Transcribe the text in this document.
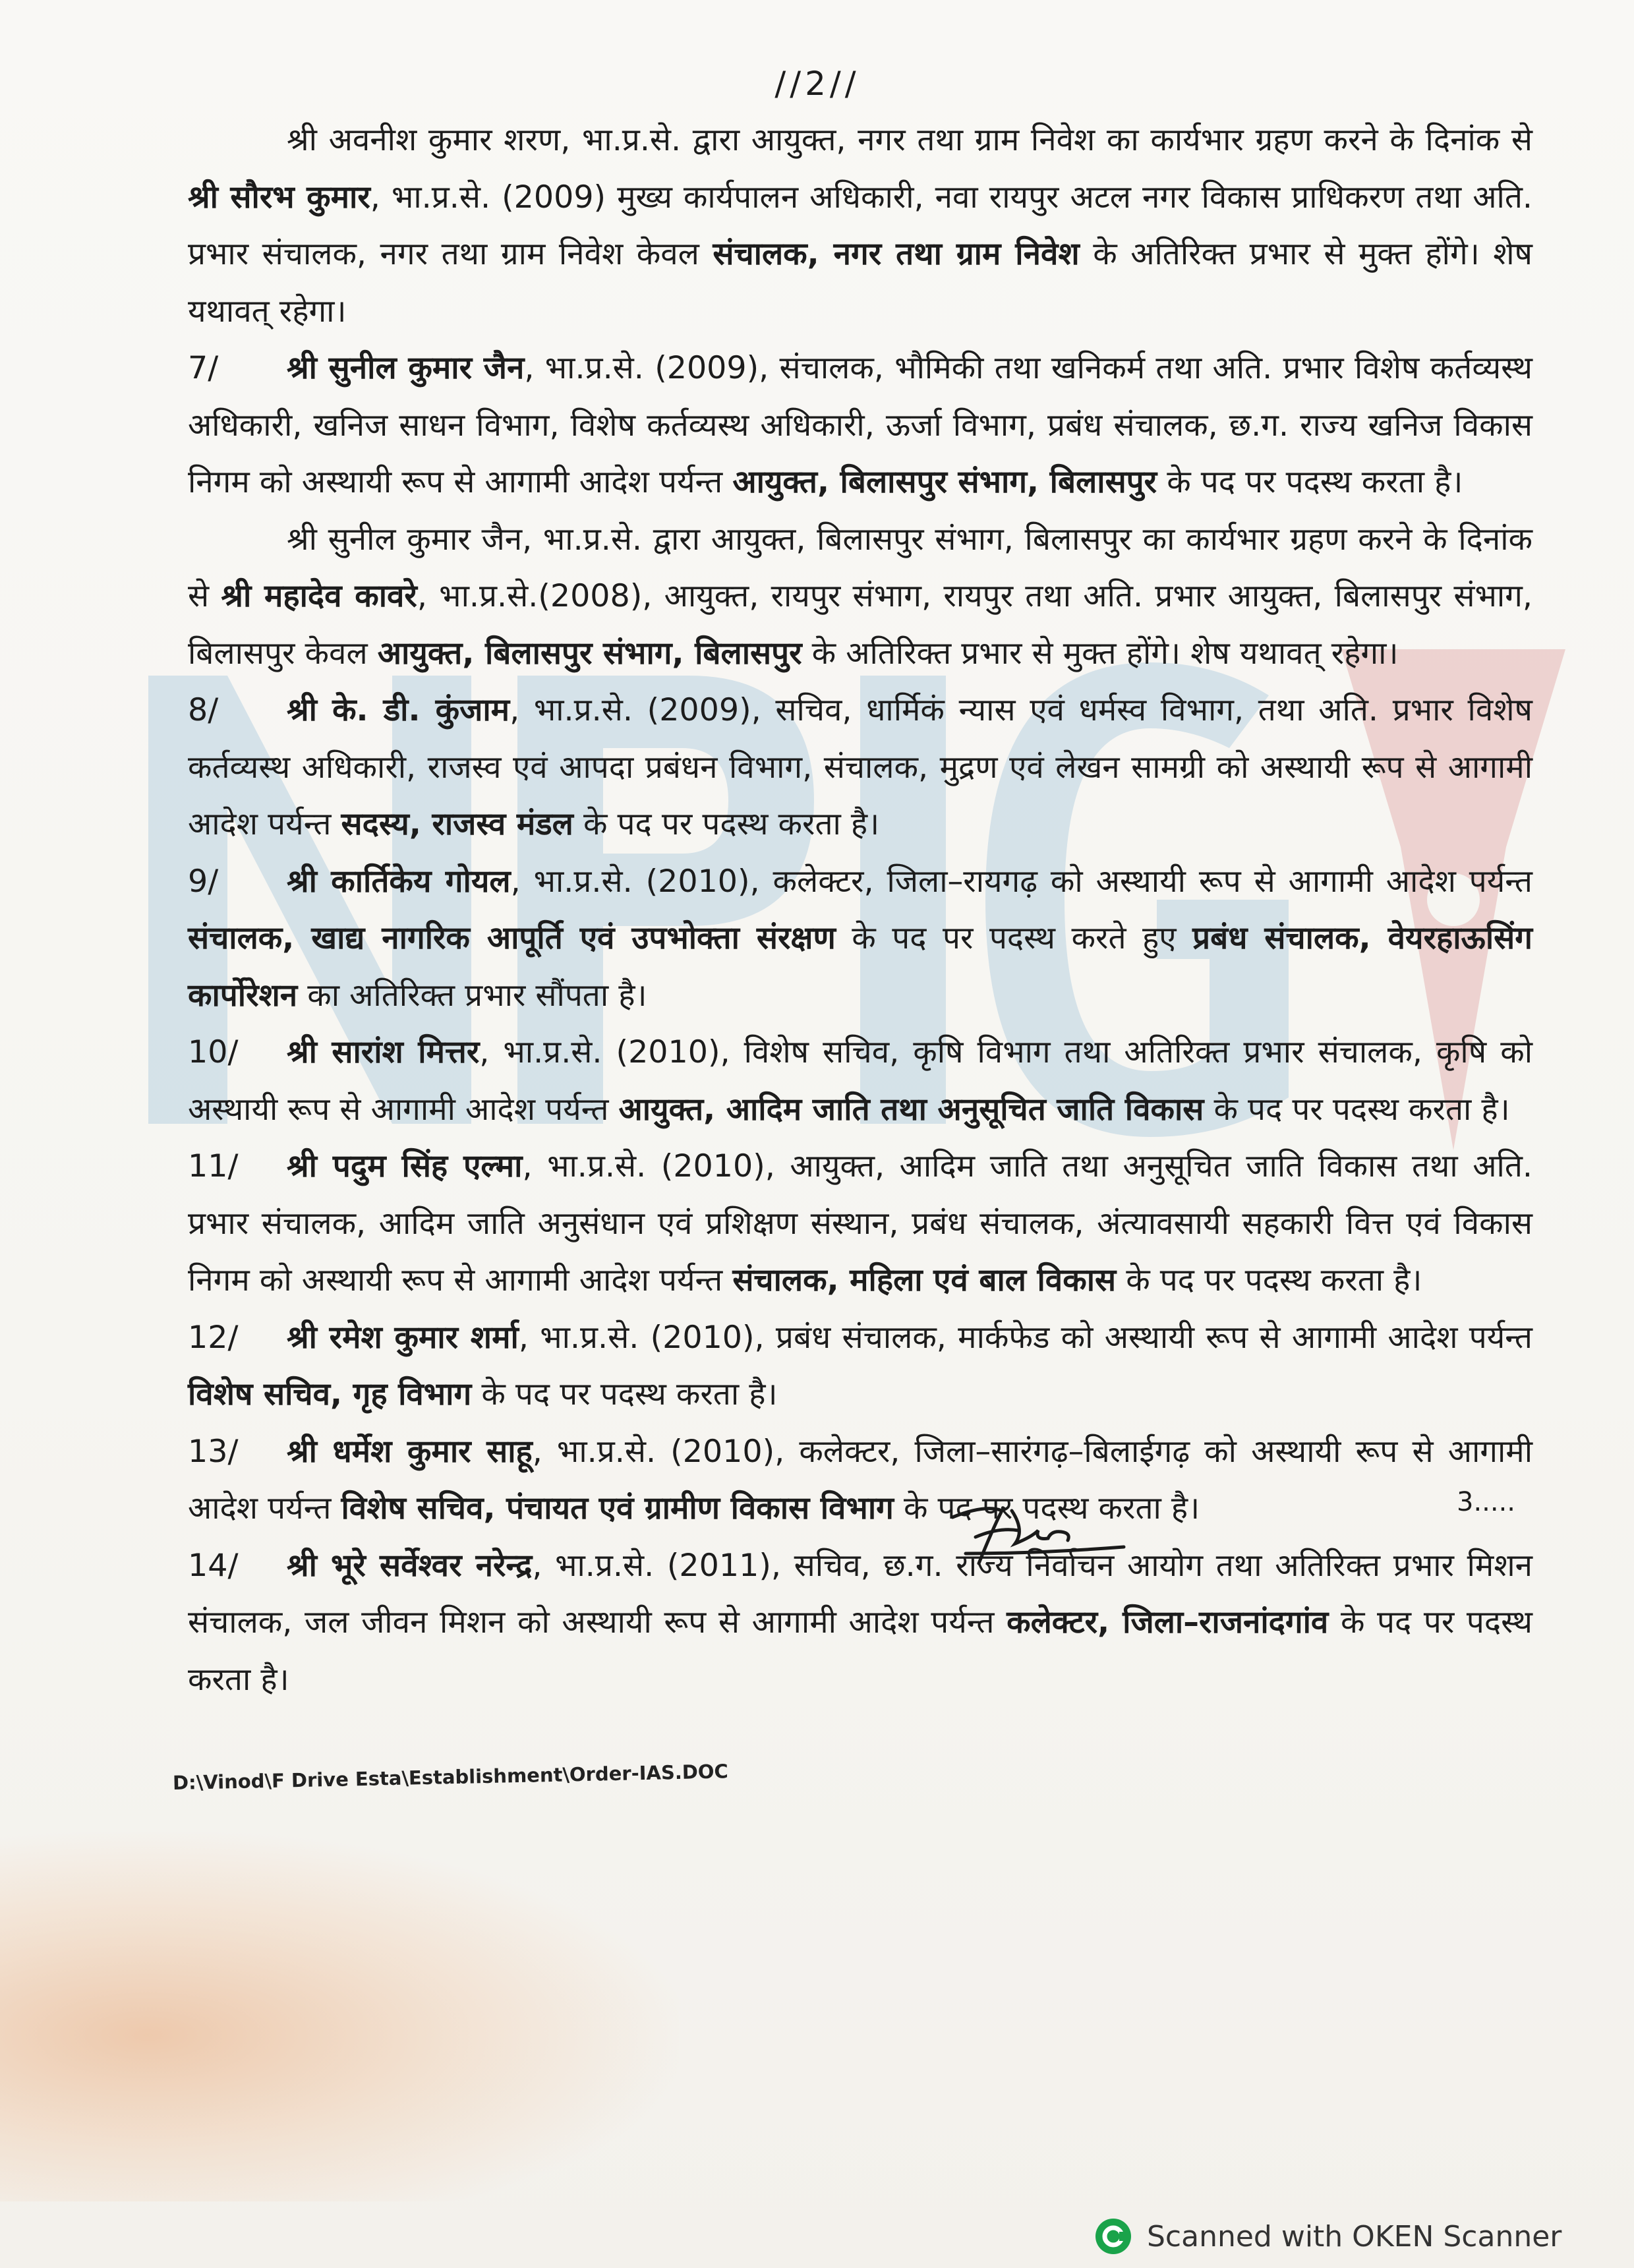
//2//

श्री अवनीश कुमार शरण, भा.प्र.से. द्वारा आयुक्त, नगर तथा ग्राम निवेश का कार्यभार ग्रहण करने के दिनांक से श्री सौरभ कुमार, भा.प्र.से. (2009) मुख्य कार्यपालन अधिकारी, नवा रायपुर अटल नगर विकास प्राधिकरण तथा अति. प्रभार संचालक, नगर तथा ग्राम निवेश केवल संचालक, नगर तथा ग्राम निवेश के अतिरिक्त प्रभार से मुक्त होंगे। शेष यथावत् रहेगा।

7/ श्री सुनील कुमार जैन, भा.प्र.से. (2009), संचालक, भौमिकी तथा खनिकर्म तथा अति. प्रभार विशेष कर्तव्यस्थ अधिकारी, खनिज साधन विभाग, विशेष कर्तव्यस्थ अधिकारी, ऊर्जा विभाग, प्रबंध संचालक, छ.ग. राज्य खनिज विकास निगम को अस्थायी रूप से आगामी आदेश पर्यन्त आयुक्त, बिलासपुर संभाग, बिलासपुर के पद पर पदस्थ करता है।

श्री सुनील कुमार जैन, भा.प्र.से. द्वारा आयुक्त, बिलासपुर संभाग, बिलासपुर का कार्यभार ग्रहण करने के दिनांक से श्री महादेव कावरे, भा.प्र.से.(2008), आयुक्त, रायपुर संभाग, रायपुर तथा अति. प्रभार आयुक्त, बिलासपुर संभाग, बिलासपुर केवल आयुक्त, बिलासपुर संभाग, बिलासपुर के अतिरिक्त प्रभार से मुक्त होंगे। शेष यथावत् रहेगा।

8/ श्री के. डी. कुंजाम, भा.प्र.से. (2009), सचिव, धार्मिकं न्यास एवं धर्मस्व विभाग, तथा अति. प्रभार विशेष कर्तव्यस्थ अधिकारी, राजस्व एवं आपदा प्रबंधन विभाग, संचालक, मुद्रण एवं लेखन सामग्री को अस्थायी रूप से आगामी आदेश पर्यन्त सदस्य, राजस्व मंडल के पद पर पदस्थ करता है।

9/ श्री कार्तिकेय गोयल, भा.प्र.से. (2010), कलेक्टर, जिला–रायगढ़ को अस्थायी रूप से आगामी आदेश पर्यन्त संचालक, खाद्य नागरिक आपूर्ति एवं उपभोक्ता संरक्षण के पद पर पदस्थ करते हुए प्रबंध संचालक, वेयरहाऊसिंग कार्पोरेशन का अतिरिक्त प्रभार सौंपता है।

10/ श्री सारांश मित्तर, भा.प्र.से. (2010), विशेष सचिव, कृषि विभाग तथा अतिरिक्त प्रभार संचालक, कृषि को अस्थायी रूप से आगामी आदेश पर्यन्त आयुक्त, आदिम जाति तथा अनुसूचित जाति विकास के पद पर पदस्थ करता है।

11/ श्री पदुम सिंह एल्मा, भा.प्र.से. (2010), आयुक्त, आदिम जाति तथा अनुसूचित जाति विकास तथा अति. प्रभार संचालक, आदिम जाति अनुसंधान एवं प्रशिक्षण संस्थान, प्रबंध संचालक, अंत्यावसायी सहकारी वित्त एवं विकास निगम को अस्थायी रूप से आगामी आदेश पर्यन्त संचालक, महिला एवं बाल विकास के पद पर पदस्थ करता है।

12/ श्री रमेश कुमार शर्मा, भा.प्र.से. (2010), प्रबंध संचालक, मार्कफेड को अस्थायी रूप से आगामी आदेश पर्यन्त विशेष सचिव, गृह विभाग के पद पर पदस्थ करता है।

13/ श्री धर्मेश कुमार साहू, भा.प्र.से. (2010), कलेक्टर, जिला–सारंगढ़–बिलाईगढ़ को अस्थायी रूप से आगामी आदेश पर्यन्त विशेष सचिव, पंचायत एवं ग्रामीण विकास विभाग के पद पर पदस्थ करता है।

14/ श्री भूरे सर्वेश्वर नरेन्द्र, भा.प्र.से. (2011), सचिव, छ.ग. राज्य निर्वाचन आयोग तथा अतिरिक्त प्रभार मिशन संचालक, जल जीवन मिशन को अस्थायी रूप से आगामी आदेश पर्यन्त कलेक्टर, जिला–राजनांदगांव के पद पर पदस्थ करता है।

3.....
D:\Vinod\F Drive Esta\Establishment\Order-IAS.DOC
Scanned with OKEN Scanner
